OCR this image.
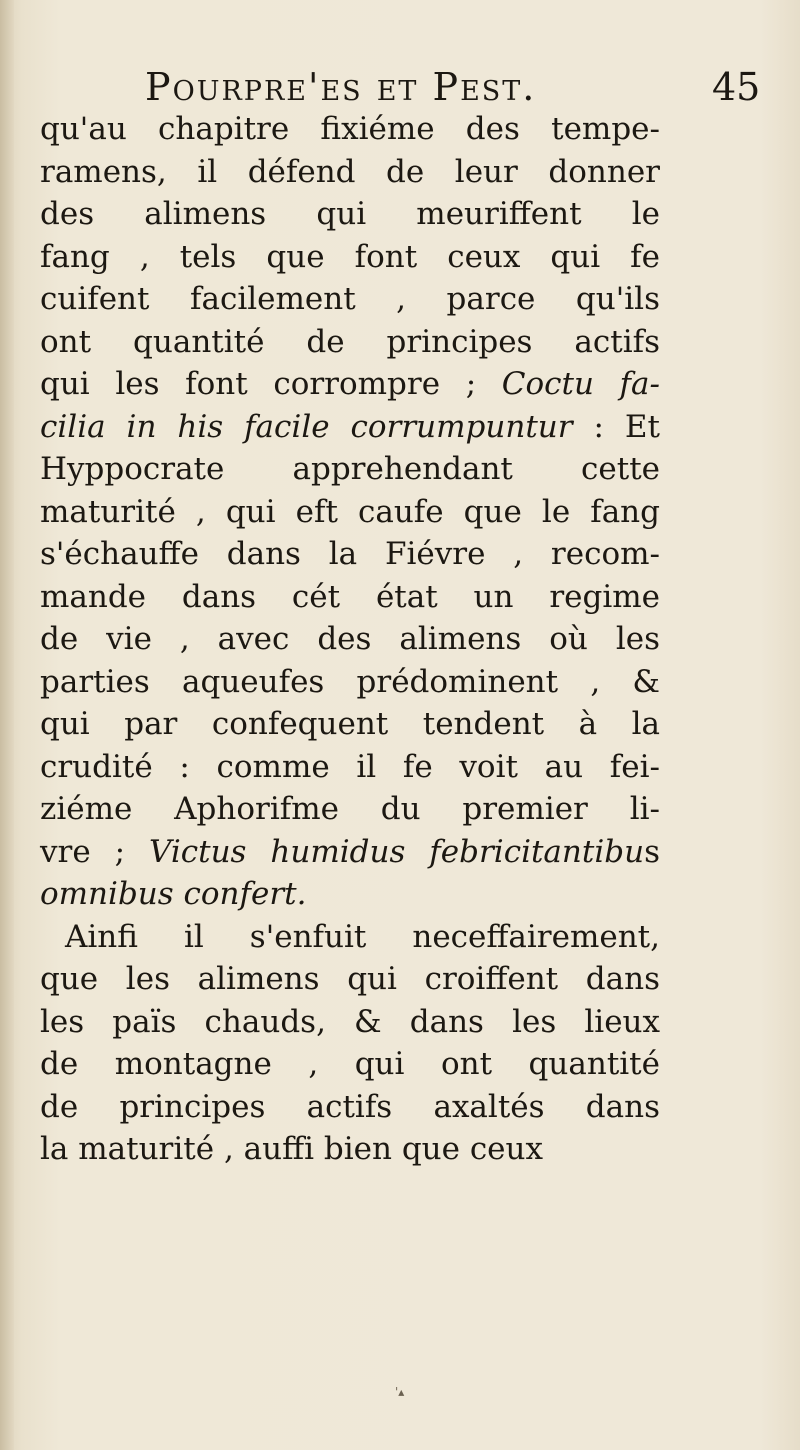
Pourpre'es et Pest.	45
qu'au chapitre fixiéme des tempe-
ramens, il défend de leur donner
des alimens qui meuriffent le
fang , tels que font ceux qui fe
cuifent facilement , parce qu'ils
ont quantité de principes actifs
qui les font corrompre ; Coctu fa-
cilia in his facile corrumpuntur : Et
Hyppocrate apprehendant cette
maturité , qui eft caufe que le fang
s'échauffe dans la Fiévre , recom-
mande dans cét état un regime
de vie , avec des alimens où les
parties aqueufes prédominent , &
qui par confequent tendent à la
crudité : comme il fe voit au fei-
ziéme Aphorifme du premier li-
vre ; Victus humidus febricitantibus
omnibus confert.
Ainfi il s'enfuit neceffairement,
que les alimens qui croiffent dans
les païs chauds, & dans les lieux
de montagne , qui ont quantité
de principes actifs axaltés dans
la maturité , auffi bien que ceux
'▴
